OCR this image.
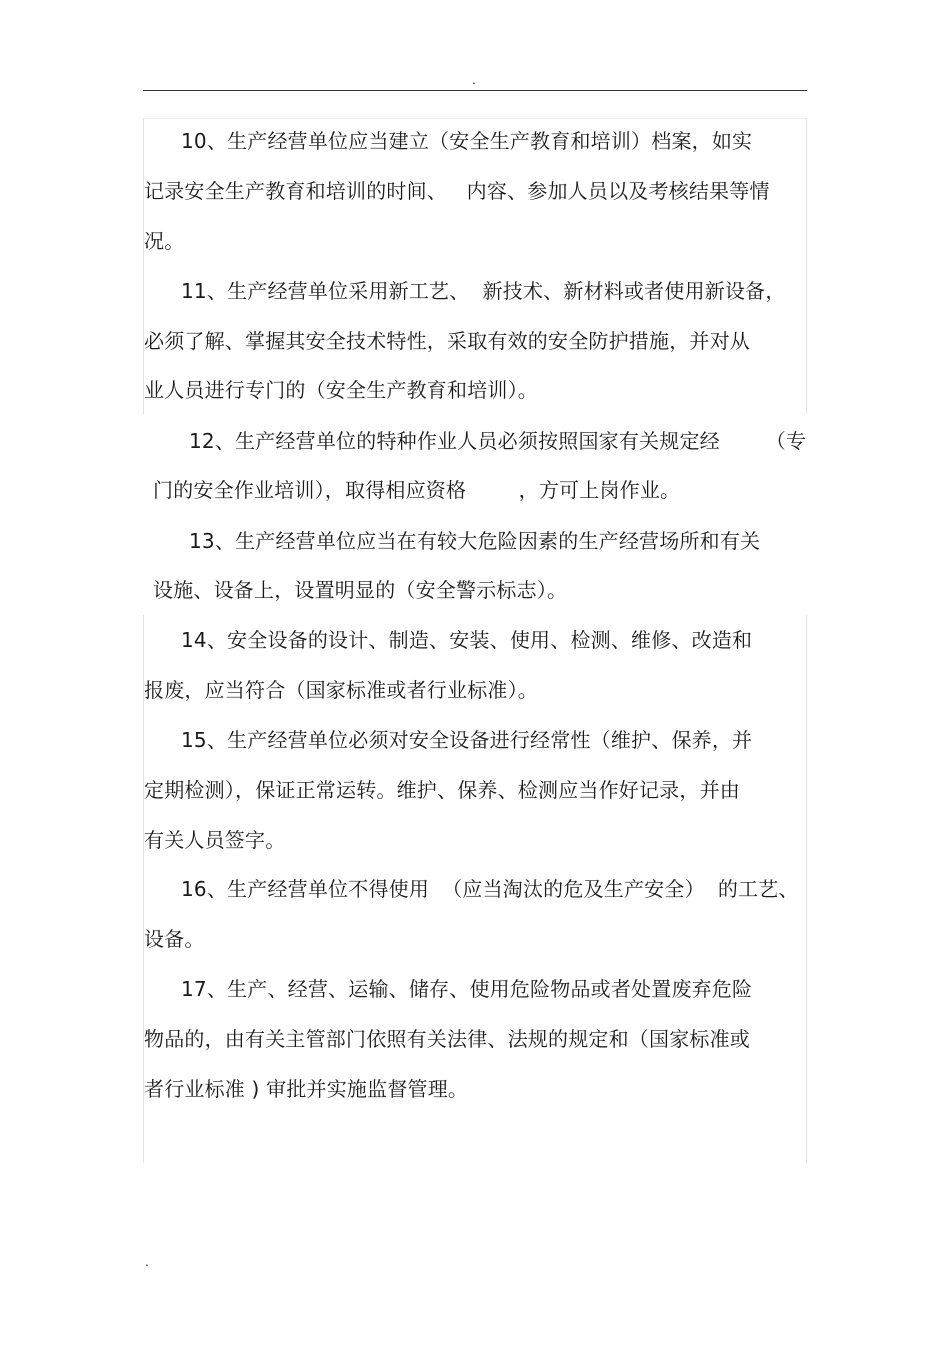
.
10、生产经营单位应当建立（安全生产教育和培训）档案，如实
记录安全生产教育和培训的时间、   内容、参加人员以及考核结果等情
况。
11、生产经营单位采用新工艺、  新技术、新材料或者使用新设备，
必须了解、掌握其安全技术特性，采取有效的安全防护措施，并对从
业人员进行专门的（安全生产教育和培训）。
12、生产经营单位的特种作业人员必须按照国家有关规定经       （专
门的安全作业培训），取得相应资格        ，方可上岗作业。
13、生产经营单位应当在有较大危险因素的生产经营场所和有关
设施、设备上，设置明显的（安全警示标志）。
14、安全设备的设计、制造、安装、使用、检测、维修、改造和
报废，应当符合（国家标准或者行业标准）。
15、生产经营单位必须对安全设备进行经常性（维护、保养，并
定期检测），保证正常运转。维护、保养、检测应当作好记录，并由
有关人员签字。
16、生产经营单位不得使用  （应当淘汰的危及生产安全）  的工艺、
设备。
17、生产、经营、运输、储存、使用危险物品或者处置废弃危险
物品的，由有关主管部门依照有关法律、法规的规定和（国家标准或
者行业标准 ) 审批并实施监督管理。
.
